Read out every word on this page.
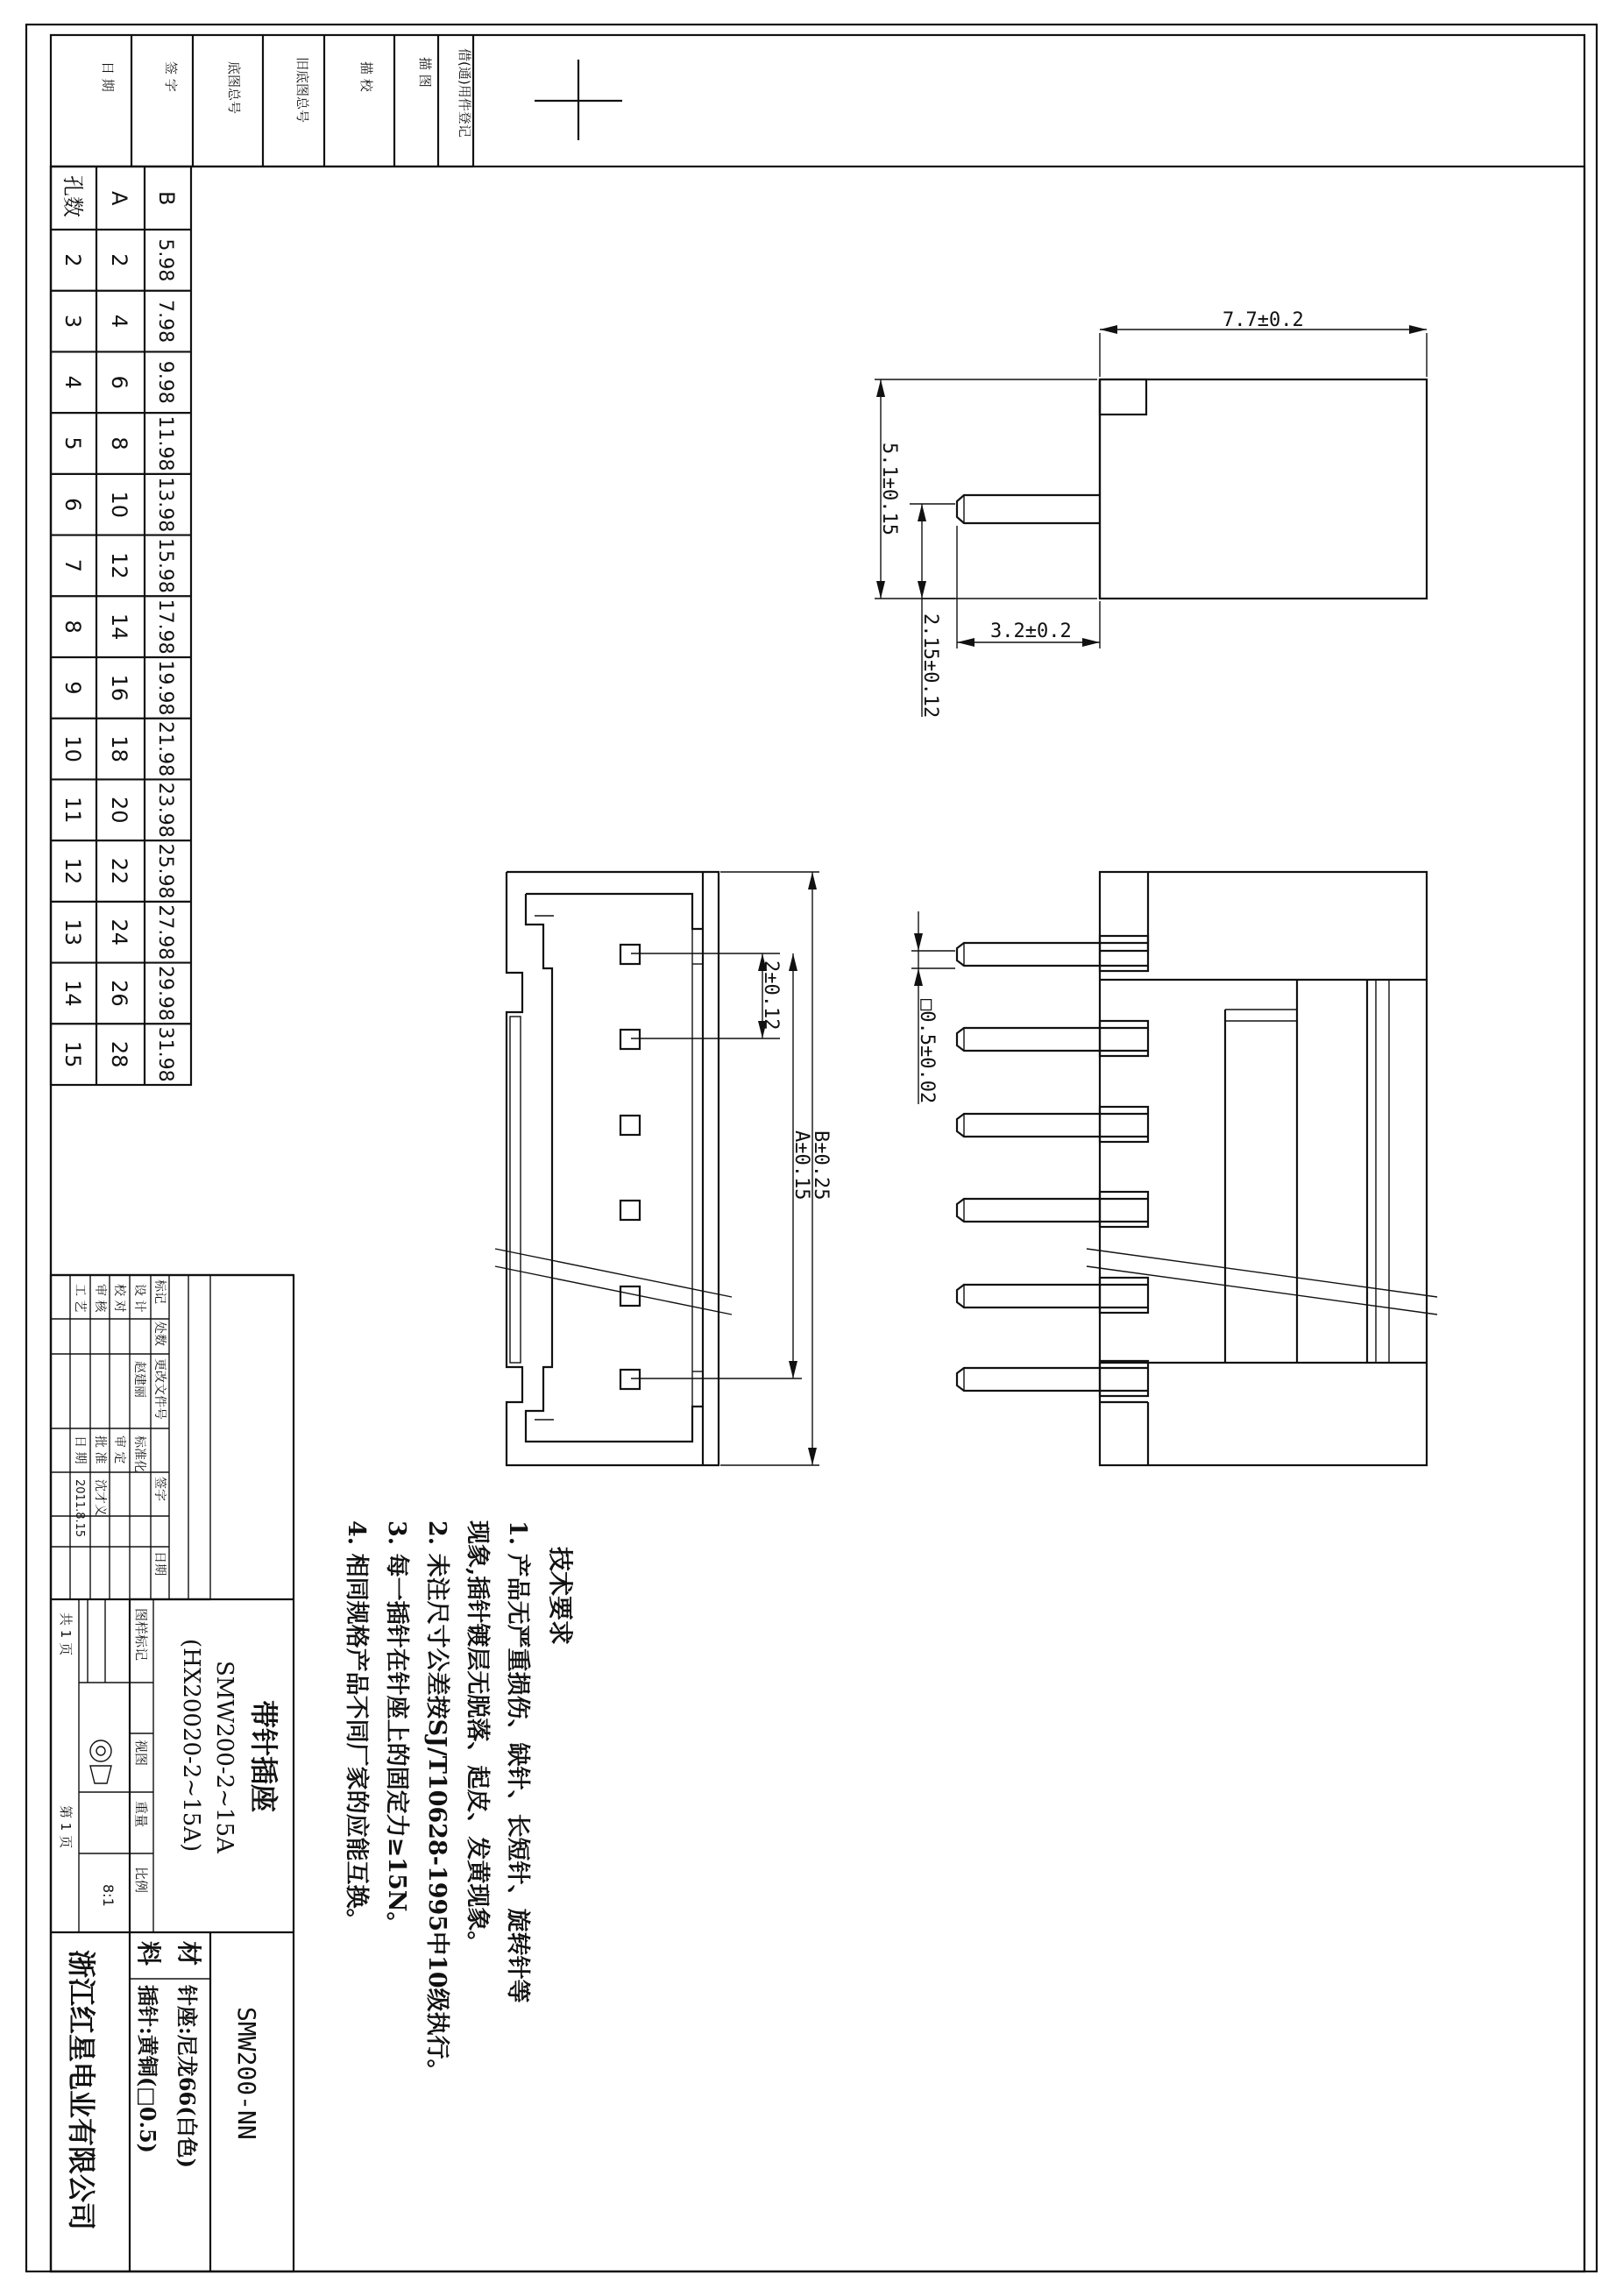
借(通)用件登记
描 图
描 校
旧底图总号
底图总号
签 字
日 期
孔数 A B
2 2 5.98
3 4 7.98
4 6 9.98
5 8 11.98
6 10 13.98
7 12 15.98
8 14 17.98
9 16 19.98
10 18 21.98
11 20 23.98
12 22 25.98
13 24 27.98
14 26 29.98
15 28 31.98
7.7±0.2
5.1±0.15
2.15±0.12	3.2±0.2
2±0.12
A±0.15
B±0.25
□0.5±0.02
技术要求
1. 产品无严重损伤、缺针、长短针、旋转针等
现象,插针镀层无脱落、起皮、发黄现象。
2. 未注尺寸公差按SJ/T10628-1995中10级执行。
3. 每一插针在针座上的固定力≥15N。
4. 相同规格产品不同厂家的应能互换。
SMW200-NN
材
料
针座:尼龙66(白色)
插针:黄铜(□0.5)
浙江红星电业有限公司
带针插座
SMW200-2~15A
(HX20020-2~15A)
图样标记
视图
重量
比例
8:1
共 1 页
第 1 页
标记
处数
更改文件号
签字
日期
设 计
赵建丽
标准化
校 对
审 定
审 核
批 准
沈才义
工 艺
日 期
2011.8.15
